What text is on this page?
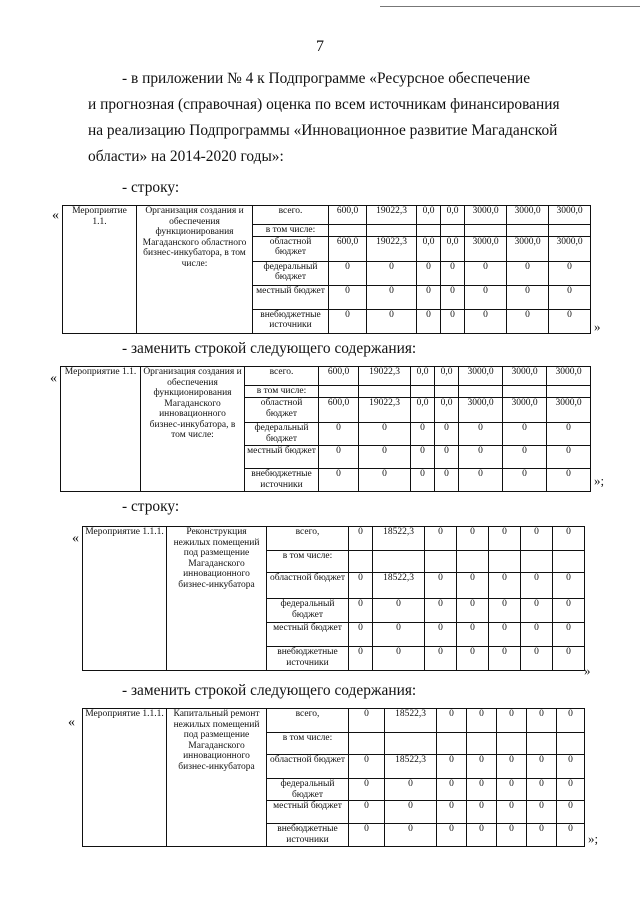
7
- в приложении № 4 к Подпрограмме «Ресурсное обеспечение
и прогнозная (справочная) оценка по всем источникам финансирования
на реализацию Подпрограммы «Инновационное развитие Магаданской
области» на 2014-2020 годы»:
- строку:
« Мероприятие 1.1.	Организация создания и обеспечения функционирования Магаданского областного бизнес-инкубатора, в том числе:	всего.	600,0	19022,3	0,0	0,0	3000,0	3000,0	3000,0
		в том числе:							
		областной бюджет	600,0	19022,3	0,0	0,0	3000,0	3000,0	3000,0
		федеральный бюджет	0	0	0	0	0	0	0
		местный бюджет	0	0	0	0	0	0	0
		внебюджетные источники	0	0	0	0	0	0	0
»
- заменить строкой следующего содержания:
« Мероприятие 1.1.	Организация создания и обеспечения функционирования Магаданского инновационного бизнес-инкубатора, в том числе:	всего.	600,0	19022,3	0,0	0,0	3000,0	3000,0	3000,0
		в том числе:							
		областной бюджет	600,0	19022,3	0,0	0,0	3000,0	3000,0	3000,0
		федеральный бюджет	0	0	0	0	0	0	0
		местный бюджет	0	0	0	0	0	0	0
		внебюджетные источники	0	0	0	0	0	0	0 »;
- строку:
« Мероприятие 1.1.1.	Реконструкция нежилых помещений под размещение Магаданского инновационного бизнес-инкубатора	всего,	0	18522,3	0	0	0	0	0
		в том числе:							
		областной бюджет	0	18522,3	0	0	0	0	0
		федеральный бюджет	0	0	0	0	0	0	0
		местный бюджет	0	0	0	0	0	0	0
		внебюджетные источники	0	0	0	0	0	0	0
»
- заменить строкой следующего содержания:
«
Мероприятие 1.1.1.	Капитальный ремонт нежилых помещений под размещение Магаданского инновационного бизнес-инкубатора	всего,	0	18522,3	0	0	0	0	0
		в том числе:							
		областной бюджет	0	18522,3	0	0	0	0	0
		федеральный бюджет	0	0	0	0	0	0	0
		местный бюджет	0	0	0	0	0	0	0
		внебюджетные источники	0	0	0	0	0	0	0
»;
